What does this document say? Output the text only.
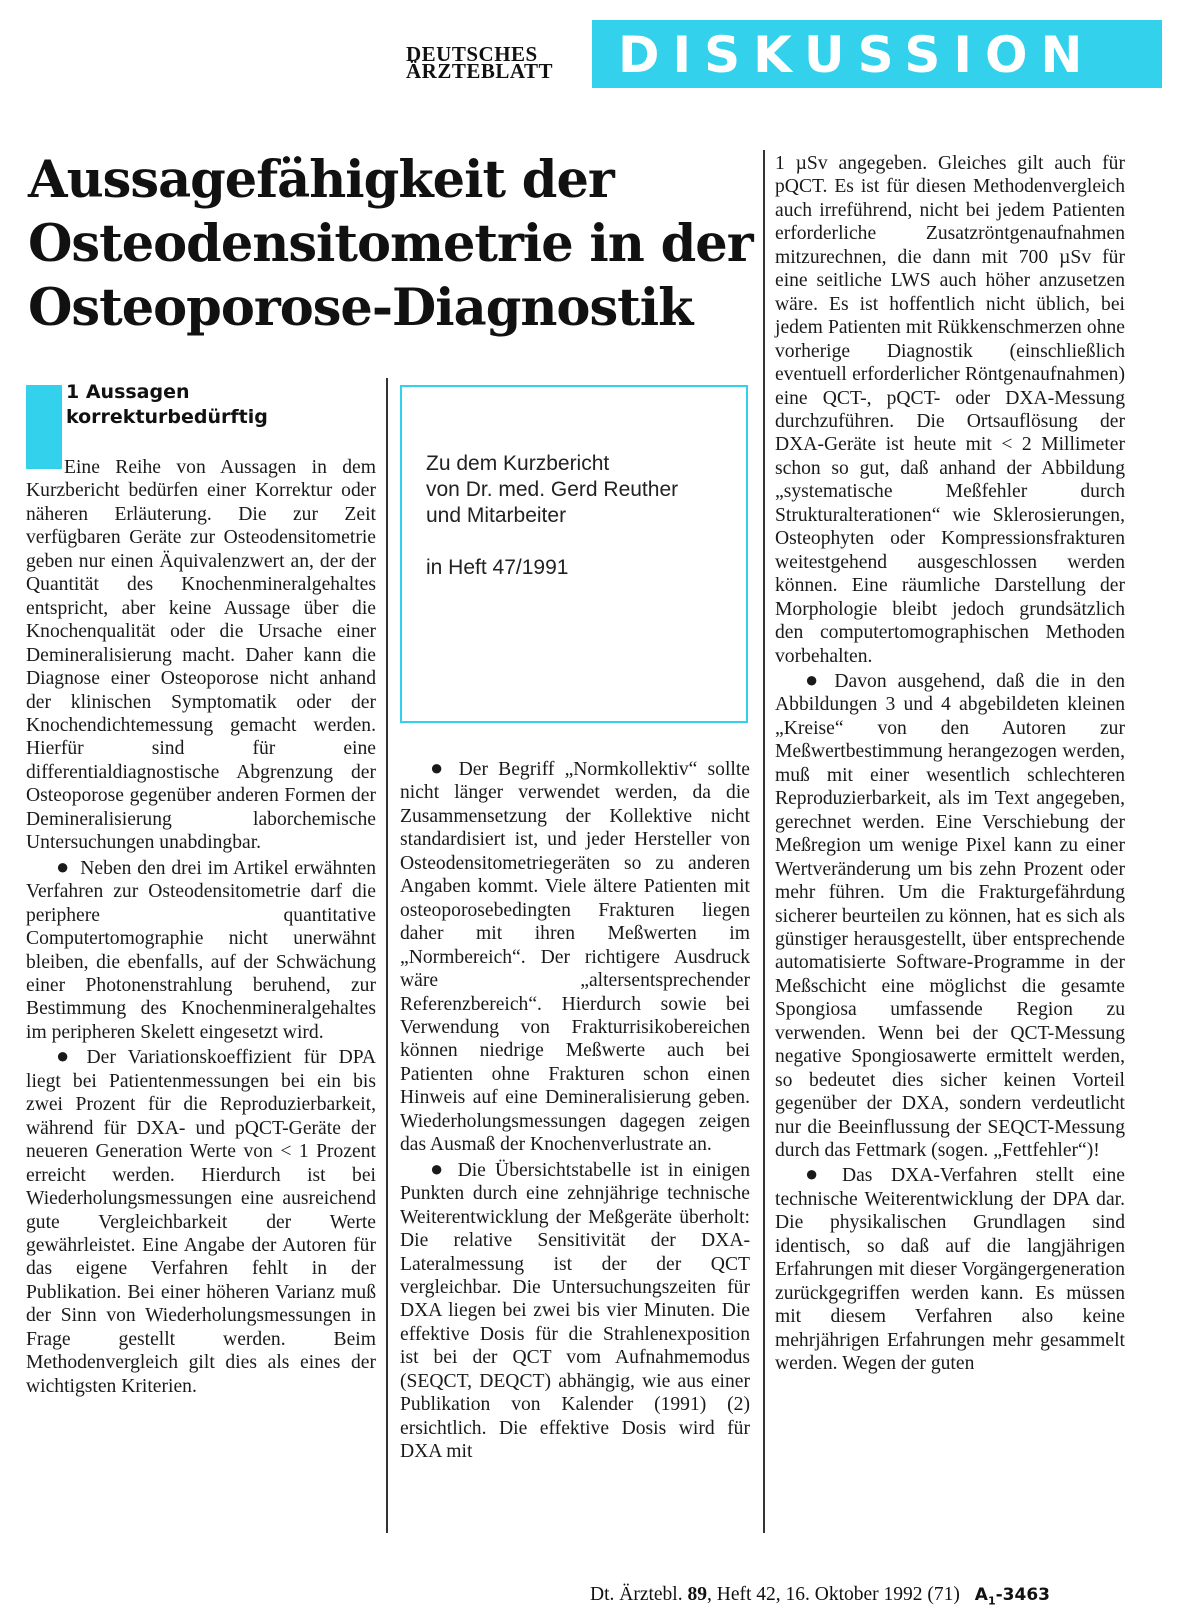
DEUTSCHES
ÄRZTEBLATT	DISKUSSION
Aussagefähigkeit der
Osteodensitometrie in der
Osteoporose-Diagnostik
1 Aussagen
korrekturbedürftig

Eine Reihe von Aussagen in dem Kurzbericht bedürfen einer Korrektur oder näheren Erläuterung. Die zur Zeit verfügbaren Geräte zur Osteodensitometrie geben nur einen Äquivalenzwert an, der der Quantität des Knochenmineralgehaltes entspricht, aber keine Aussage über die Knochenqualität oder die Ursache einer Demineralisierung macht. Daher kann die Diagnose einer Osteoporose nicht anhand der klinischen Symptomatik oder der Knochendichtemessung gemacht werden. Hierfür sind für eine differentialdiagnostische Abgrenzung der Osteoporose gegenüber anderen Formen der Demineralisierung laborchemische Untersuchungen unabdingbar.

● Neben den drei im Artikel erwähnten Verfahren zur Osteodensitometrie darf die periphere quantitative Computertomographie nicht unerwähnt bleiben, die ebenfalls, auf der Schwächung einer Photonenstrahlung beruhend, zur Bestimmung des Knochenmineralgehaltes im peripheren Skelett eingesetzt wird.

● Der Variationskoeffizient für DPA liegt bei Patientenmessungen bei ein bis zwei Prozent für die Reproduzierbarkeit, während für DXA- und pQCT-Geräte der neueren Generation Werte von < 1 Prozent erreicht werden. Hierdurch ist bei Wiederholungsmessungen eine ausreichend gute Vergleichbarkeit der Werte gewährleistet. Eine Angabe der Autoren für das eigene Verfahren fehlt in der Publikation. Bei einer höheren Varianz muß der Sinn von Wiederholungsmessungen in Frage gestellt werden. Beim Methodenvergleich gilt dies als eines der wichtigsten Kriterien.

Zu dem Kurzbericht
von Dr. med. Gerd Reuther
und Mitarbeiter
in Heft 47/1991

● Der Begriff „Normkollektiv“ sollte nicht länger verwendet werden, da die Zusammensetzung der Kollektive nicht standardisiert ist, und jeder Hersteller von Osteodensitometriegeräten so zu anderen Angaben kommt. Viele ältere Patienten mit osteoporosebedingten Frakturen liegen daher mit ihren Meßwerten im „Normbereich“. Der richtigere Ausdruck wäre „altersentsprechender Referenzbereich“. Hierdurch sowie bei Verwendung von Frakturrisikobereichen können niedrige Meßwerte auch bei Patienten ohne Frakturen schon einen Hinweis auf eine Demineralisierung geben. Wiederholungsmessungen dagegen zeigen das Ausmaß der Knochenverlustrate an.

● Die Übersichtstabelle ist in einigen Punkten durch eine zehnjährige technische Weiterentwicklung der Meßgeräte überholt: Die relative Sensitivität der DXA-Lateralmessung ist der der QCT vergleichbar. Die Untersuchungszeiten für DXA liegen bei zwei bis vier Minuten. Die effektive Dosis für die Strahlenexposition ist bei der QCT vom Aufnahmemodus (SEQCT, DEQCT) abhängig, wie aus einer Publikation von Kalender (1991) (2) ersichtlich. Die effektive Dosis wird für DXA mit

1 µSv angegeben. Gleiches gilt auch für pQCT. Es ist für diesen Methodenvergleich auch irreführend, nicht bei jedem Patienten erforderliche Zusatzröntgenaufnahmen mitzurechnen, die dann mit 700 µSv für eine seitliche LWS auch höher anzusetzen wäre. Es ist hoffentlich nicht üblich, bei jedem Patienten mit Rükkenschmerzen ohne vorherige Diagnostik (einschließlich eventuell erforderlicher Röntgenaufnahmen) eine QCT-, pQCT- oder DXA-Messung durchzuführen. Die Ortsauflösung der DXA-Geräte ist heute mit < 2 Millimeter schon so gut, daß anhand der Abbildung „systematische Meßfehler durch Strukturalterationen“ wie Sklerosierungen, Osteophyten oder Kompressionsfrakturen weitestgehend ausgeschlossen werden können. Eine räumliche Darstellung der Morphologie bleibt jedoch grundsätzlich den computertomographischen Methoden vorbehalten.

● Davon ausgehend, daß die in den Abbildungen 3 und 4 abgebildeten kleinen „Kreise“ von den Autoren zur Meßwertbestimmung herangezogen werden, muß mit einer wesentlich schlechteren Reproduzierbarkeit, als im Text angegeben, gerechnet werden. Eine Verschiebung der Meßregion um wenige Pixel kann zu einer Wertveränderung um bis zehn Prozent oder mehr führen. Um die Frakturgefährdung sicherer beurteilen zu können, hat es sich als günstiger herausgestellt, über entsprechende automatisierte Software-Programme in der Meßschicht eine möglichst die gesamte Spongiosa umfassende Region zu verwenden. Wenn bei der QCT-Messung negative Spongiosawerte ermittelt werden, so bedeutet dies sicher keinen Vorteil gegenüber der DXA, sondern verdeutlicht nur die Beeinflussung der SEQCT-Messung durch das Fettmark (sogen. „Fettfehler“)!

● Das DXA-Verfahren stellt eine technische Weiterentwicklung der DPA dar. Die physikalischen Grundlagen sind identisch, so daß auf die langjährigen Erfahrungen mit dieser Vorgängergeneration zurückgegriffen werden kann. Es müssen mit diesem Verfahren also keine mehrjährigen Erfahrungen mehr gesammelt werden. Wegen der guten

Dt. Ärztebl. 89, Heft 42, 16. Oktober 1992 (71) $A_1-3463$
